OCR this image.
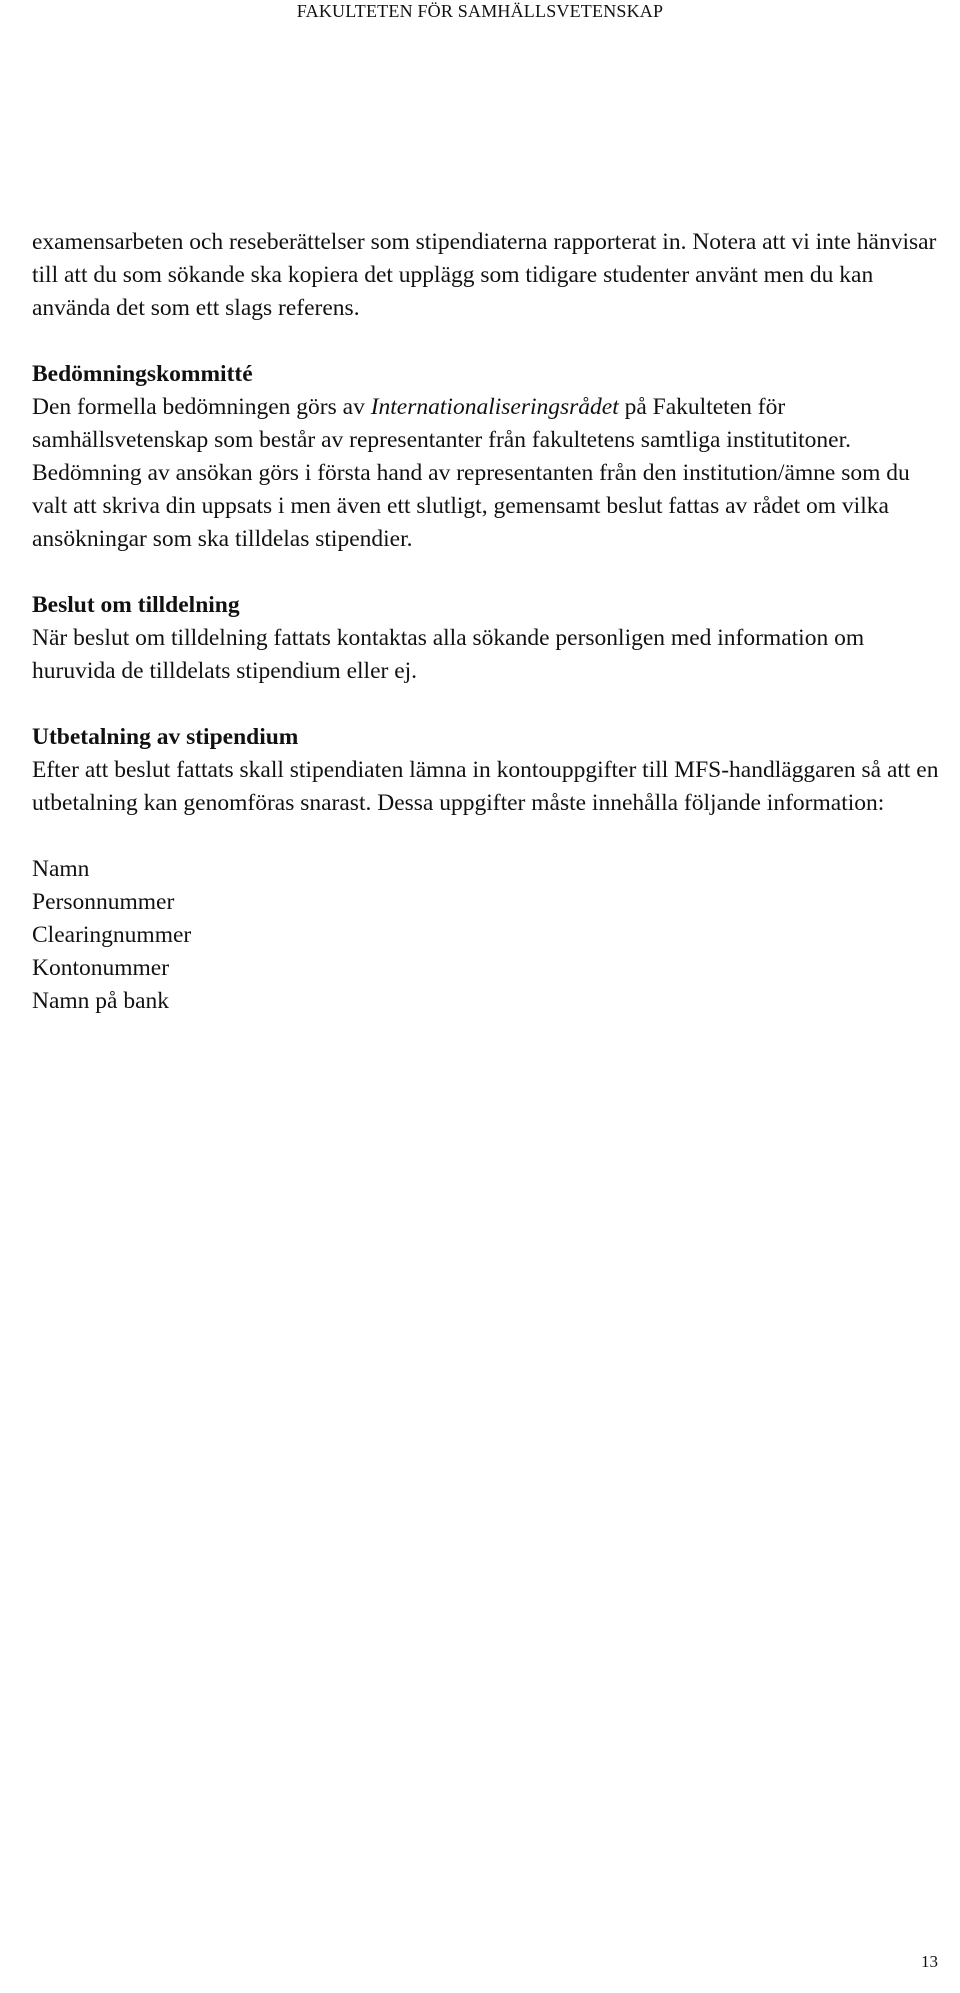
FAKULTETEN FÖR SAMHÄLLSVETENSKAP

examensarbeten och reseberättelser som stipendiaterna rapporterat in. Notera att vi inte hänvisar till att du som sökande ska kopiera det upplägg som tidigare studenter använt men du kan använda det som ett slags referens.

Bedömningskommitté

Den formella bedömningen görs av Internationaliseringsrådet på Fakulteten för samhällsvetenskap som består av representanter från fakultetens samtliga institutitoner. Bedömning av ansökan görs i första hand av representanten från den institution/ämne som du valt att skriva din uppsats i men även ett slutligt, gemensamt beslut fattas av rådet om vilka ansökningar som ska tilldelas stipendier.

Beslut om tilldelning

När beslut om tilldelning fattats kontaktas alla sökande personligen med information om huruvida de tilldelats stipendium eller ej.

Utbetalning av stipendium

Efter att beslut fattats skall stipendiaten lämna in kontouppgifter till MFS-handläggaren så att en utbetalning kan genomföras snarast. Dessa uppgifter måste innehålla följande information:

Namn
Personnummer
Clearingnummer
Kontonummer
Namn på bank
13
